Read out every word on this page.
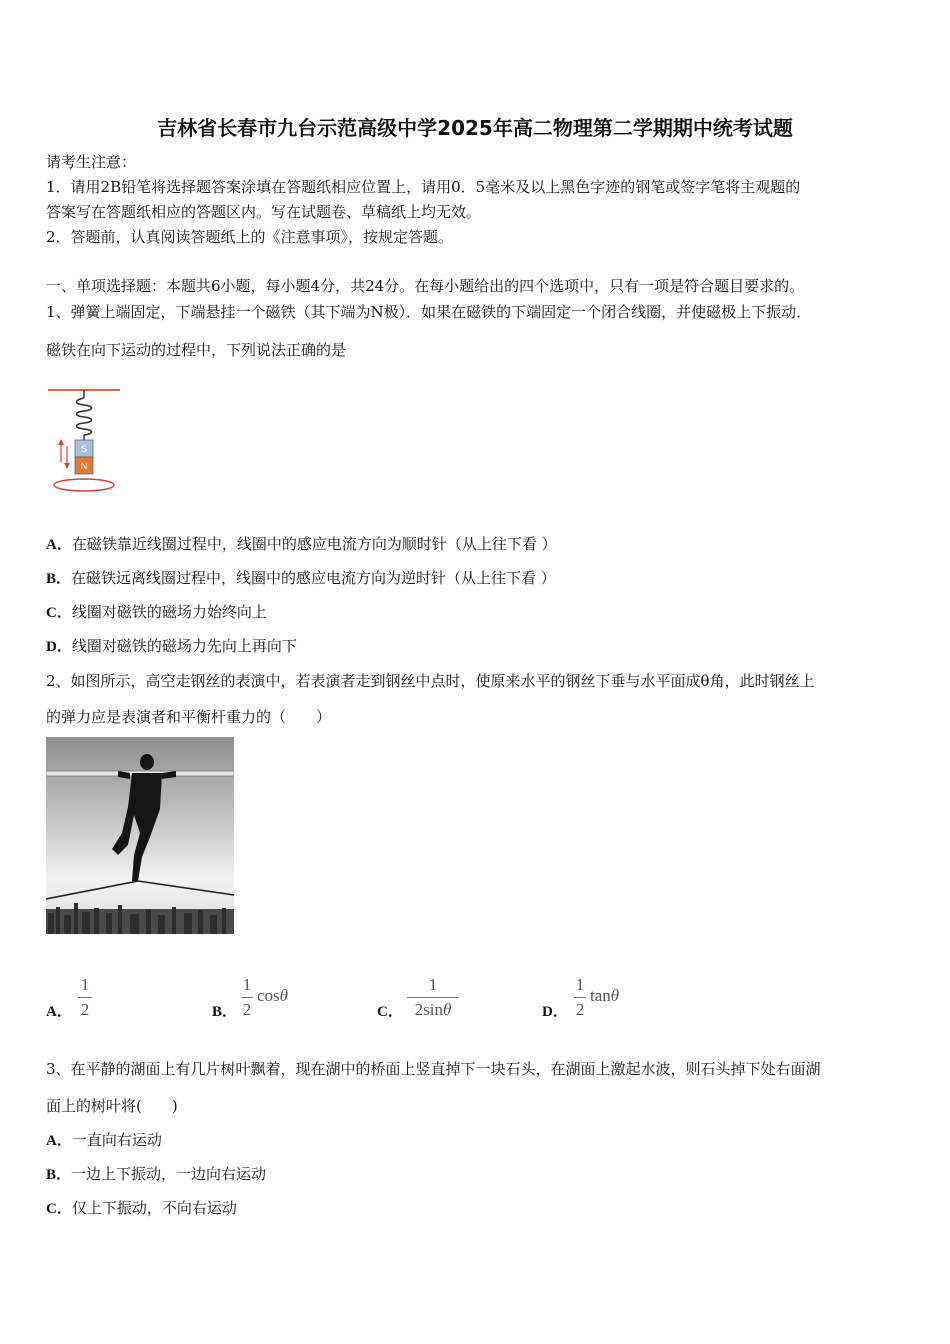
吉林省长春市九台示范高级中学2025年高二物理第二学期期中统考试题
请考生注意：
1．请用2B铅笔将选择题答案涂填在答题纸相应位置上，请用0．5毫米及以上黑色字迹的钢笔或签字笔将主观题的
答案写在答题纸相应的答题区内。写在试题卷、草稿纸上均无效。
2．答题前，认真阅读答题纸上的《注意事项》，按规定答题。
一、单项选择题：本题共6小题，每小题4分，共24分。在每小题给出的四个选项中，只有一项是符合题目要求的。
1、弹簧上端固定，下端悬挂一个磁铁（其下端为N极）．如果在磁铁的下端固定一个闭合线圈，并使磁极上下振动．
磁铁在向下运动的过程中，下列说法正确的是
S
N
A．在磁铁靠近线圈过程中，线圈中的感应电流方向为顺时针（从上往下看 ）
B．在磁铁远离线圈过程中，线圈中的感应电流方向为逆时针（从上往下看 ）
C．线圈对磁铁的磁场力始终向上
D．线圈对磁铁的磁场力先向上再向下
2、如图所示，高空走钢丝的表演中，若表演者走到钢丝中点时，使原来水平的钢丝下垂与水平面成θ角，此时钢丝上
的弹力应是表演者和平衡杆重力的（　　）
A．
1
2	B．
1
2
cosθ
C．
1
2sinθ	D．
1
2
tanθ
3、在平静的湖面上有几片树叶飘着，现在湖中的桥面上竖直掉下一块石头，在湖面上激起水波，则石头掉下处右面湖
面上的树叶将(　　)
A．一直向右运动
B．一边上下振动，一边向右运动
C．仅上下振动，不向右运动
